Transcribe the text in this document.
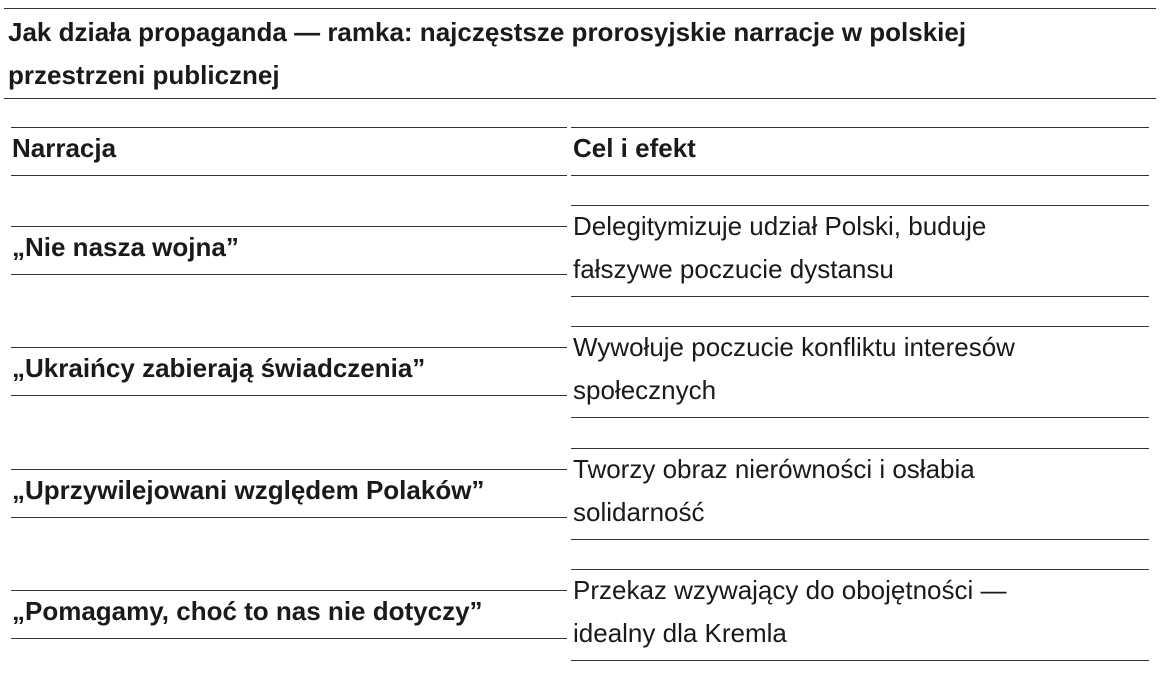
Jak działa propaganda — ramka: najczęstsze prorosyjskie narracje w polskiej przestrzeni publicznej
Narracja	Cel i efekt
„Nie nasza wojna”
Delegitymizuje udział Polski, buduje
fałszywe poczucie dystansu
„Ukraińcy zabierają świadczenia”
Wywołuje poczucie konfliktu interesów
społecznych
„Uprzywilejowani względem Polaków”
Tworzy obraz nierówności i osłabia
solidarność
„Pomagamy, choć to nas nie dotyczy”
Przekaz wzywający do obojętności —
idealny dla Kremla
